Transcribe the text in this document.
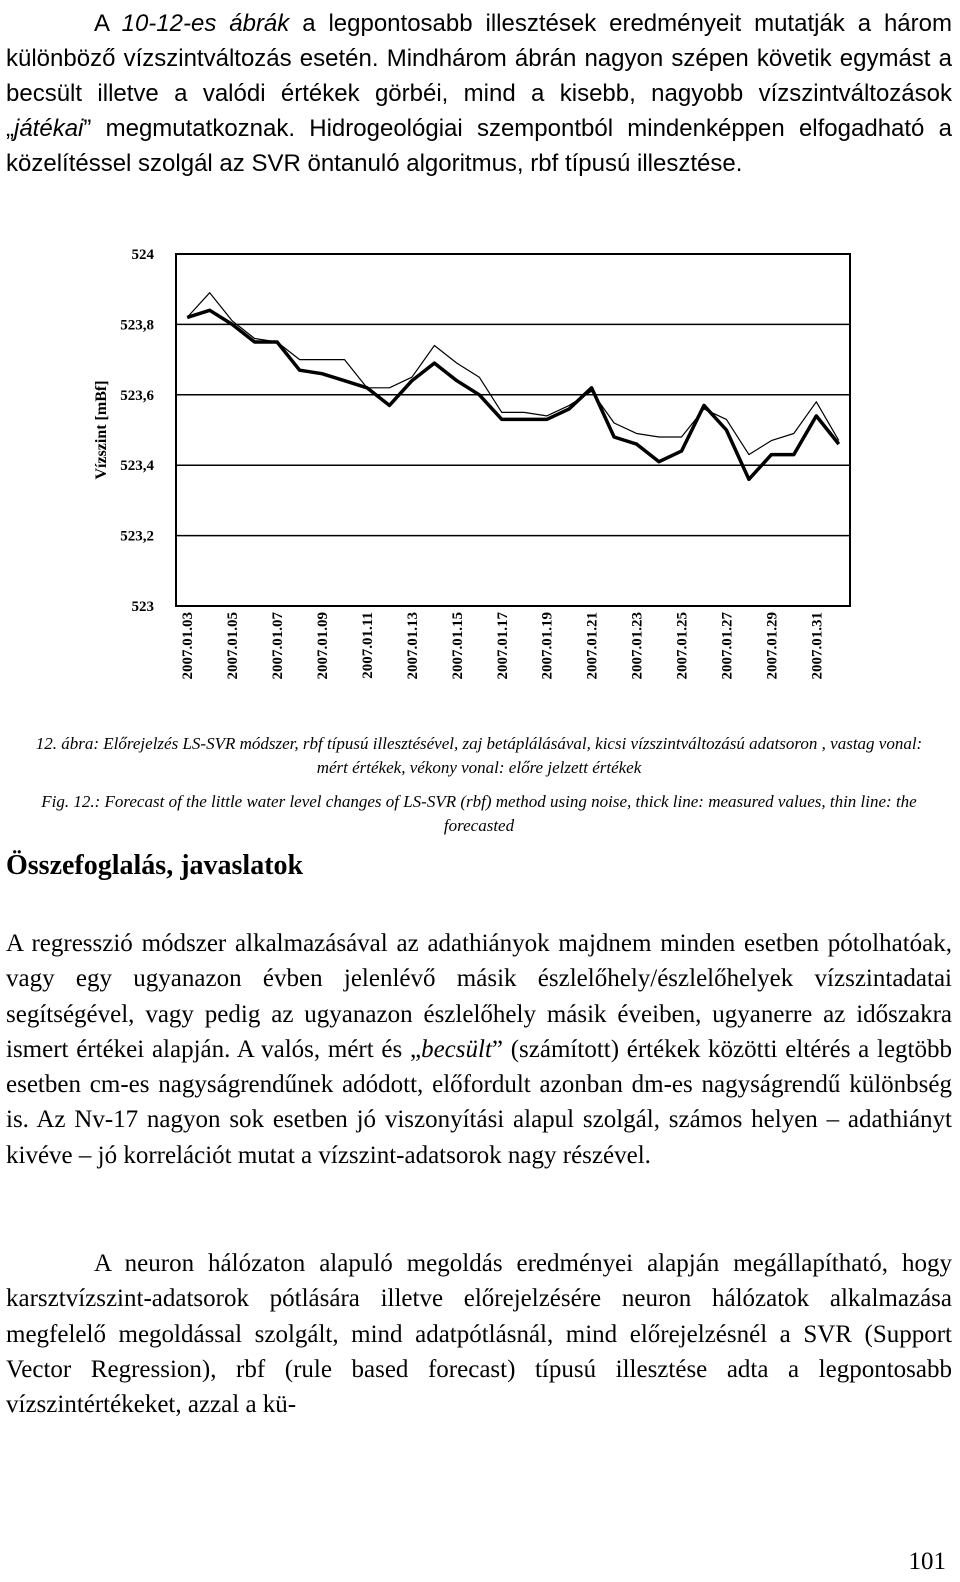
A 10-12-es ábrák a legpontosabb illesztések eredményeit mutatják a három különböző vízszintváltozás esetén. Mindhárom ábrán nagyon szépen követik egymást a becsült illetve a valódi értékek görbéi, mind a kisebb, nagyobb vízszintváltozások „játékai” megmutatkoznak. Hidrogeológiai szempontból mindenképpen elfogadható a közelítéssel szolgál az SVR öntanuló algoritmus, rbf típusú illesztése.

524
523,8
523,6
523,4
523,2
523
2007.01.03 2007.01.05 2007.01.07 2007.01.09 2007.01.11 2007.01.13 2007.01.15 2007.01.17 2007.01.19 2007.01.21 2007.01.23 2007.01.25 2007.01.27 2007.01.29 2007.01.31
Vízszint [mBf]

12. ábra: Előrejelzés LS-SVR módszer, rbf típusú illesztésével, zaj betáplálásával, kicsi vízszintváltozású adatsoron , vastag vonal: mért értékek, vékony vonal: előre jelzett értékek

Fig. 12.: Forecast of the little water level changes of LS-SVR (rbf) method using noise, thick line: measured values, thin line: the forecasted

Összefoglalás, javaslatok

A regresszió módszer alkalmazásával az adathiányok majdnem minden esetben pótolhatóak, vagy egy ugyanazon évben jelenlévő másik észlelőhely/észlelőhelyek vízszintadatai segítségével, vagy pedig az ugyanazon észlelőhely másik éveiben, ugyanerre az időszakra ismert értékei alapján. A valós, mért és „becsült” (számított) értékek közötti eltérés a legtöbb esetben cm-es nagyságrendűnek adódott, előfordult azonban dm-es nagyságrendű különbség is. Az Nv-17 nagyon sok esetben jó viszonyítási alapul szolgál, számos helyen – adathiányt kivéve – jó korrelációt mutat a vízszint-adatsorok nagy részével.

A neuron hálózaton alapuló megoldás eredményei alapján megállapítható, hogy karsztvízszint-adatsorok pótlására illetve előrejelzésére neuron hálózatok alkalmazása megfelelő megoldással szolgált, mind adatpótlásnál, mind előrejelzésnél a SVR (Support Vector Regression), rbf (rule based forecast) típusú illesztése adta a legpontosabb vízszintértékeket, azzal a kü-

101
